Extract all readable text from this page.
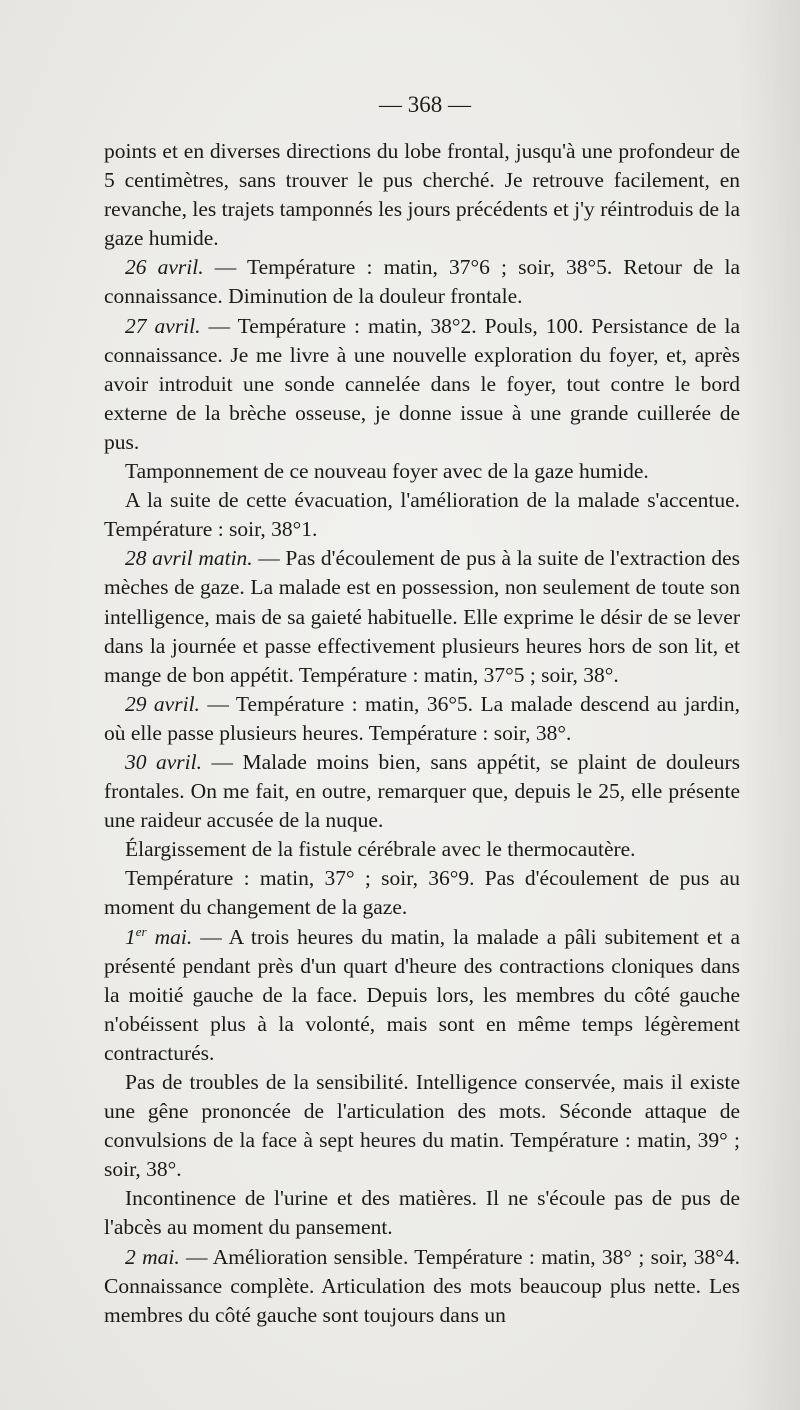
— 368 —

points et en diverses directions du lobe frontal, jusqu'à une profondeur de 5 centimètres, sans trouver le pus cherché. Je retrouve facilement, en revanche, les trajets tamponnés les jours précédents et j'y réintroduis de la gaze humide.

26 avril. — Température : matin, 37°6 ; soir, 38°5. Retour de la connaissance. Diminution de la douleur frontale.

27 avril. — Température : matin, 38°2. Pouls, 100. Persistance de la connaissance. Je me livre à une nouvelle exploration du foyer, et, après avoir introduit une sonde cannelée dans le foyer, tout contre le bord externe de la brèche osseuse, je donne issue à une grande cuillerée de pus.

Tamponnement de ce nouveau foyer avec de la gaze humide.

A la suite de cette évacuation, l'amélioration de la malade s'accentue. Température : soir, 38°1.

28 avril matin. — Pas d'écoulement de pus à la suite de l'extraction des mèches de gaze. La malade est en possession, non seulement de toute son intelligence, mais de sa gaieté habituelle. Elle exprime le désir de se lever dans la journée et passe effectivement plusieurs heures hors de son lit, et mange de bon appétit. Température : matin, 37°5 ; soir, 38°.

29 avril. — Température : matin, 36°5. La malade descend au jardin, où elle passe plusieurs heures. Température : soir, 38°.

30 avril. — Malade moins bien, sans appétit, se plaint de douleurs frontales. On me fait, en outre, remarquer que, depuis le 25, elle présente une raideur accusée de la nuque.

Élargissement de la fistule cérébrale avec le thermocautère.

Température : matin, 37° ; soir, 36°9. Pas d'écoulement de pus au moment du changement de la gaze.

1er mai. — A trois heures du matin, la malade a pâli subitement et a présenté pendant près d'un quart d'heure des contractions cloniques dans la moitié gauche de la face. Depuis lors, les membres du côté gauche n'obéissent plus à la volonté, mais sont en même temps légèrement contracturés.

Pas de troubles de la sensibilité. Intelligence conservée, mais il existe une gêne prononcée de l'articulation des mots. Séconde attaque de convulsions de la face à sept heures du matin. Température : matin, 39° ; soir, 38°.

Incontinence de l'urine et des matières. Il ne s'écoule pas de pus de l'abcès au moment du pansement.

2 mai. — Amélioration sensible. Température : matin, 38° ; soir, 38°4. Connaissance complète. Articulation des mots beaucoup plus nette. Les membres du côté gauche sont toujours dans un
